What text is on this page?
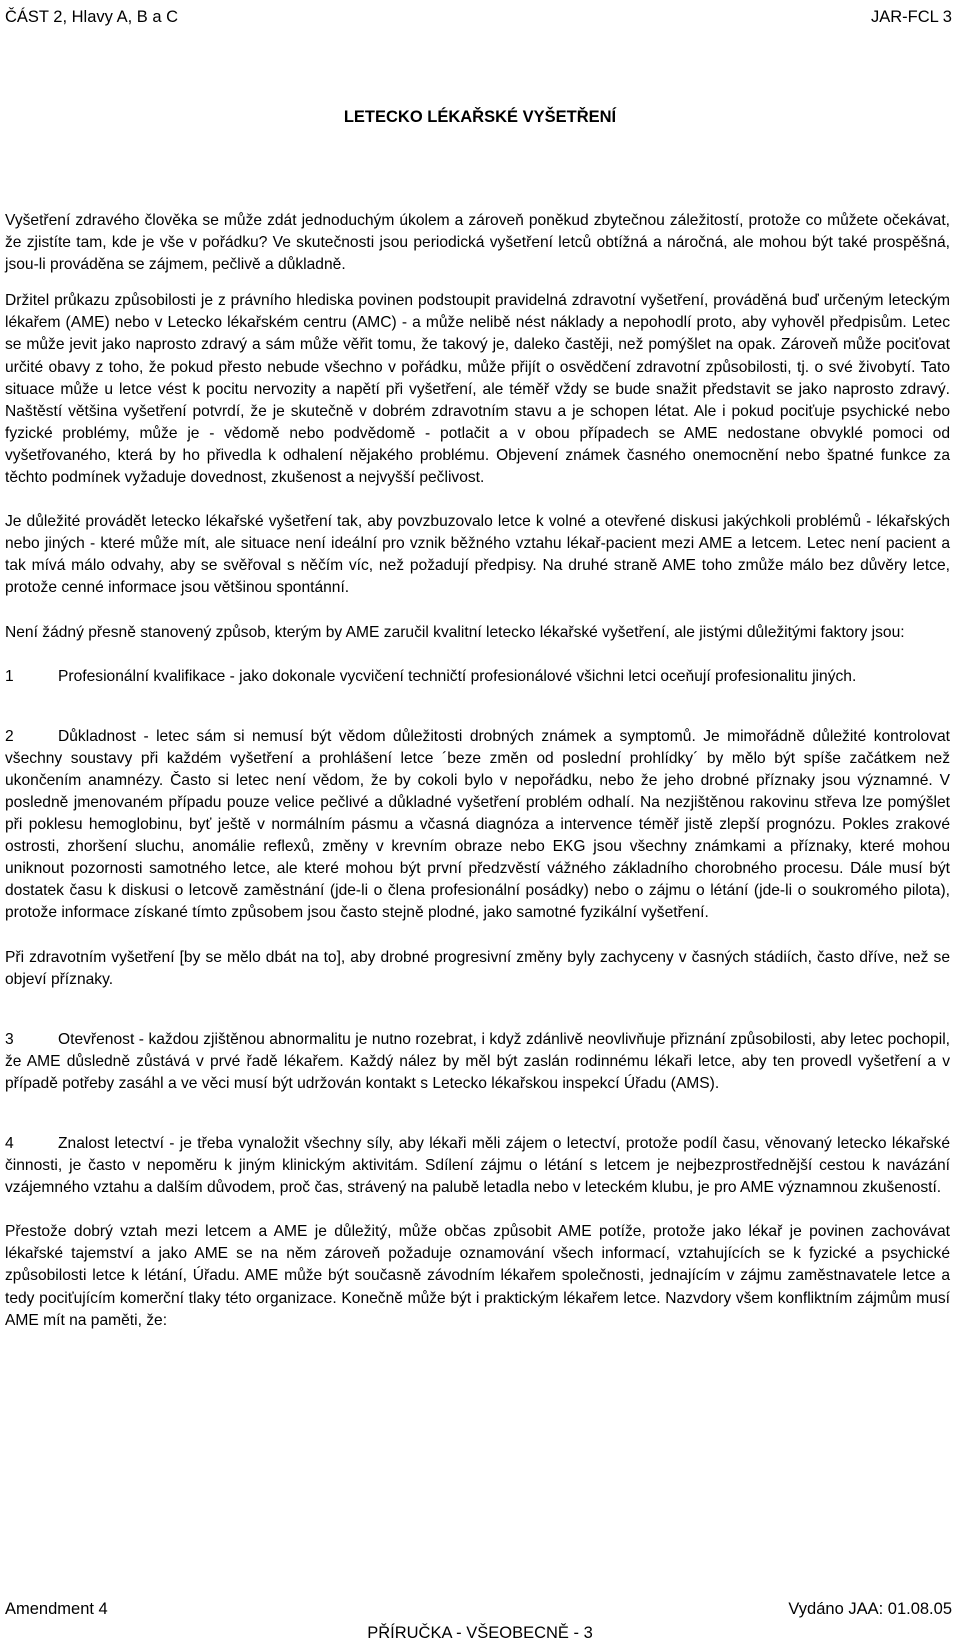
ČÁST 2, Hlavy A, B a C	JAR-FCL 3
LETECKO LÉKAŘSKÉ VYŠETŘENÍ

Vyšetření zdravého člověka se může zdát jednoduchým úkolem a zároveň poněkud zbytečnou záležitostí, protože co můžete očekávat, že zjistíte tam, kde je vše v pořádku? Ve skutečnosti jsou periodická vyšetření letců obtížná a náročná, ale mohou být také prospěšná, jsou-li prováděna se zájmem, pečlivě a důkladně.

Držitel průkazu způsobilosti je z právního hlediska povinen podstoupit pravidelná zdravotní vyšetření, prováděná buď určeným leteckým lékařem (AME) nebo v Letecko lékařském centru (AMC) - a může nelibě nést náklady a nepohodlí proto, aby vyhověl předpisům. Letec se může jevit jako naprosto zdravý a sám může věřit tomu, že takový je, daleko častěji, než pomýšlet na opak. Zároveň může pociťovat určité obavy z toho, že pokud přesto nebude všechno v pořádku, může přijít o osvědčení zdravotní způsobilosti, tj. o své živobytí. Tato situace může u letce vést k pocitu nervozity a napětí při vyšetření, ale téměř vždy se bude snažit představit se jako naprosto zdravý. Naštěstí většina vyšetření potvrdí, že je skutečně v dobrém zdravotním stavu a je schopen létat. Ale i pokud pociťuje psychické nebo fyzické problémy, může je - vědomě nebo podvědomě - potlačit a v obou případech se AME nedostane obvyklé pomoci od vyšetřovaného, která by ho přivedla k odhalení nějakého problému. Objevení známek časného onemocnění nebo špatné funkce za těchto podmínek vyžaduje dovednost, zkušenost a nejvyšší pečlivost.

Je důležité provádět letecko lékařské vyšetření tak, aby povzbuzovalo letce k volné a otevřené diskusi jakýchkoli problémů - lékařských nebo jiných - které může mít, ale situace není ideální pro vznik běžného vztahu lékař-pacient mezi AME a letcem. Letec není pacient a tak mívá málo odvahy, aby se svěřoval s něčím víc, než požadují předpisy. Na druhé straně AME toho zmůže málo bez důvěry letce, protože cenné informace jsou většinou spontánní.

Není žádný přesně stanovený způsob, kterým by AME zaručil kvalitní letecko lékařské vyšetření, ale jistými důležitými faktory jsou:

1	Profesionální kvalifikace - jako dokonale vycvičení techničtí profesionálové všichni letci oceňují profesionalitu jiných.

2	Důkladnost - letec sám si nemusí být vědom důležitosti drobných známek a symptomů. Je mimořádně důležité kontrolovat všechny soustavy při každém vyšetření a prohlášení letce ´beze změn od poslední prohlídky´ by mělo být spíše začátkem než ukončením anamnézy. Často si letec není vědom, že by cokoli bylo v nepořádku, nebo že jeho drobné příznaky jsou významné. V posledně jmenovaném případu pouze velice pečlivé a důkladné vyšetření problém odhalí. Na nezjištěnou rakovinu střeva lze pomýšlet při poklesu hemoglobinu, byť ještě v normálním pásmu a včasná diagnóza a intervence téměř jistě zlepší prognózu. Pokles zrakové ostrosti, zhoršení sluchu, anomálie reflexů, změny v krevním obraze nebo EKG jsou všechny známkami a příznaky, které mohou uniknout pozornosti samotného letce, ale které mohou být první předzvěstí vážného základního chorobného procesu. Dále musí být dostatek času k diskusi o letcově zaměstnání (jde-li o člena profesionální posádky) nebo o zájmu o létání (jde-li o soukromého pilota), protože informace získané tímto způsobem jsou často stejně plodné, jako samotné fyzikální vyšetření.

Při zdravotním vyšetření [by se mělo dbát na to], aby drobné progresivní změny byly zachyceny v časných stádiích, často dříve, než se objeví příznaky.

3	Otevřenost - každou zjištěnou abnormalitu je nutno rozebrat, i když zdánlivě neovlivňuje přiznání způsobilosti, aby letec pochopil, že AME důsledně zůstává v prvé řadě lékařem. Každý nález by měl být zaslán rodinnému lékaři letce, aby ten provedl vyšetření a v případě potřeby zasáhl a ve věci musí být udržován kontakt s Letecko lékařskou inspekcí Úřadu (AMS).

4	Znalost letectví - je třeba vynaložit všechny síly, aby lékaři měli zájem o letectví, protože podíl času, věnovaný letecko lékařské činnosti, je často v nepoměru k jiným klinickým aktivitám. Sdílení zájmu o létání s letcem je nejbezprostřednější cestou k navázání vzájemného vztahu a dalším důvodem, proč čas, strávený na palubě letadla nebo v leteckém klubu, je pro AME významnou zkušeností.

Přestože dobrý vztah mezi letcem a AME je důležitý, může občas způsobit AME potíže, protože jako lékař je povinen zachovávat lékařské tajemství a jako AME se na něm zároveň požaduje oznamování všech informací, vztahujících se k fyzické a psychické způsobilosti letce k létání, Úřadu. AME může být současně závodním lékařem společnosti, jednajícím v zájmu zaměstnavatele letce a tedy pociťujícím komerční tlaky této organizace. Konečně může být i praktickým lékařem letce. Nazvdory všem konfliktním zájmům musí AME mít na paměti, že:

Amendment 4	Vydáno JAA: 01.08.05
PŘÍRUČKA - VŠEOBECNĚ - 3
